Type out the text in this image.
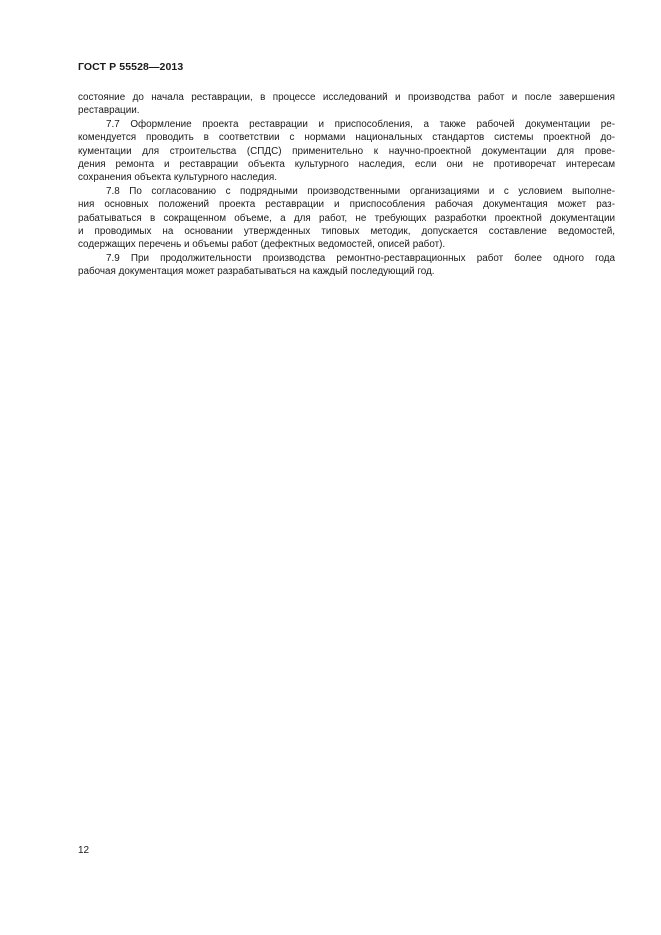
ГОСТ Р 55528—2013
состояние до начала реставрации, в процессе исследований и производства работ и после завершения
реставрации.
7.7 Оформление проекта реставрации и приспособления, а также рабочей документации ре-
комендуется проводить в соответствии с нормами национальных стандартов системы проектной до-
кументации для строительства (СПДС) применительно к научно-проектной документации для прове-
дения ремонта и реставрации объекта культурного наследия, если они не противоречат интересам
сохранения объекта культурного наследия.
7.8 По согласованию с подрядными производственными организациями и с условием выполне-
ния основных положений проекта реставрации и приспособления рабочая документация может раз-
рабатываться в сокращенном объеме, а для работ, не требующих разработки проектной документации
и проводимых на основании утвержденных типовых методик, допускается составление ведомостей,
содержащих перечень и объемы работ (дефектных ведомостей, описей работ).
7.9 При продолжительности производства ремонтно-реставрационных работ более одного года
рабочая документация может разрабатываться на каждый последующий год.
12
